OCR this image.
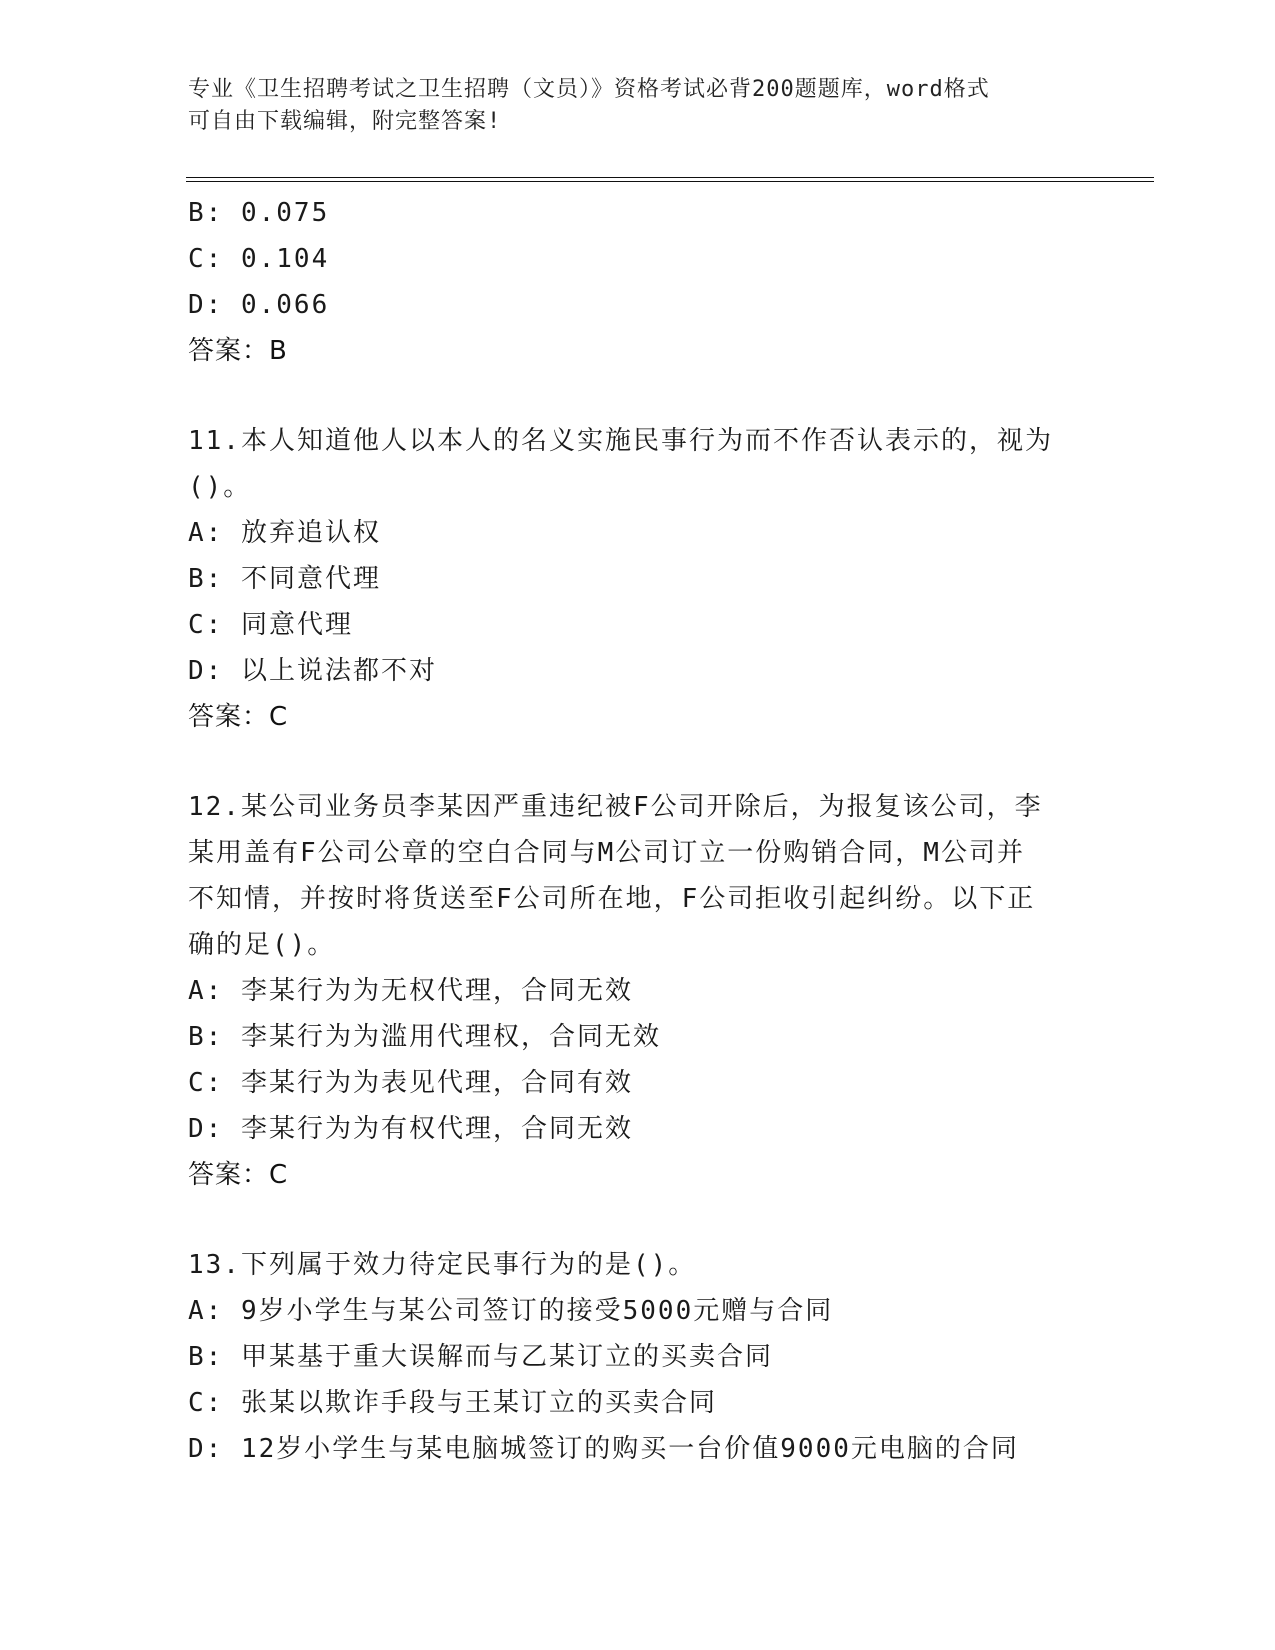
专业《卫生招聘考试之卫生招聘（文员）》资格考试必背200题题库，word格式
可自由下载编辑，附完整答案!
B: 0.075
C: 0.104
D: 0.066
答案：B
11.本人知道他人以本人的名义实施民事行为而不作否认表示的，视为
()。
A: 放弃追认权
B: 不同意代理
C: 同意代理
D: 以上说法都不对
答案：C
12.某公司业务员李某因严重违纪被F公司开除后，为报复该公司，李
某用盖有F公司公章的空白合同与M公司订立一份购销合同，M公司并
不知情，并按时将货送至F公司所在地，F公司拒收引起纠纷。以下正
确的足()。
A: 李某行为为无权代理，合同无效
B: 李某行为为滥用代理权，合同无效
C: 李某行为为表见代理，合同有效
D: 李某行为为有权代理，合同无效
答案：C
13.下列属于效力待定民事行为的是()。
A: 9岁小学生与某公司签订的接受5000元赠与合同
B: 甲某基于重大误解而与乙某订立的买卖合同
C: 张某以欺诈手段与王某订立的买卖合同
D: 12岁小学生与某电脑城签订的购买一台价值9000元电脑的合同
